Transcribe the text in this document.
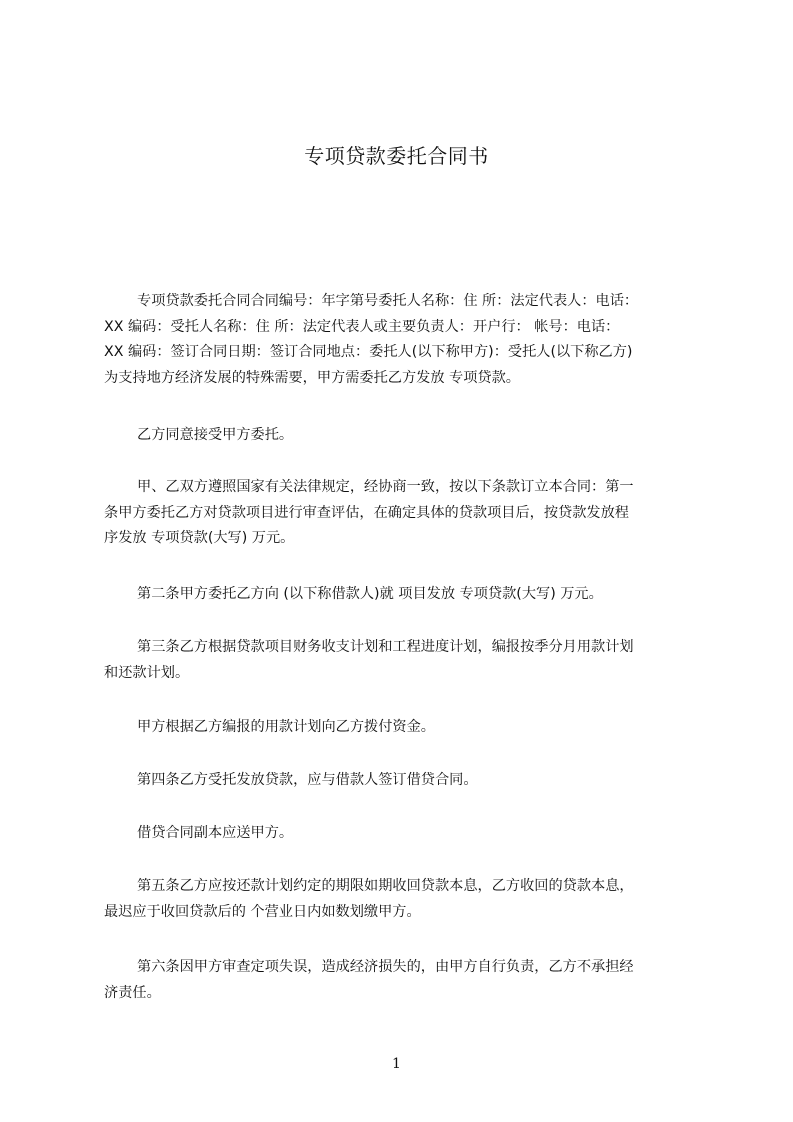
专项贷款委托合同书

专项贷款委托合同合同编号：年字第号委托人名称：住 所：法定代表人：电话：
XX 编码：受托人名称：住 所：法定代表人或主要负责人：开户行： 帐号：电话：
XX 编码：签订合同日期：签订合同地点：委托人(以下称甲方)：受托人(以下称乙方)
为支持地方经济发展的特殊需要，甲方需委托乙方发放 专项贷款。

乙方同意接受甲方委托。

甲、乙双方遵照国家有关法律规定，经协商一致，按以下条款订立本合同：第一
条甲方委托乙方对贷款项目进行审查评估，在确定具体的贷款项目后，按贷款发放程
序发放 专项贷款(大写) 万元。

第二条甲方委托乙方向 (以下称借款人)就 项目发放 专项贷款(大写) 万元。

第三条乙方根据贷款项目财务收支计划和工程进度计划，编报按季分月用款计划
和还款计划。

甲方根据乙方编报的用款计划向乙方拨付资金。

第四条乙方受托发放贷款，应与借款人签订借贷合同。

借贷合同副本应送甲方。

第五条乙方应按还款计划约定的期限如期收回贷款本息，乙方收回的贷款本息，
最迟应于收回贷款后的 个营业日内如数划缴甲方。

第六条因甲方审查定项失误，造成经济损失的，由甲方自行负责，乙方不承担经
济责任。

1
